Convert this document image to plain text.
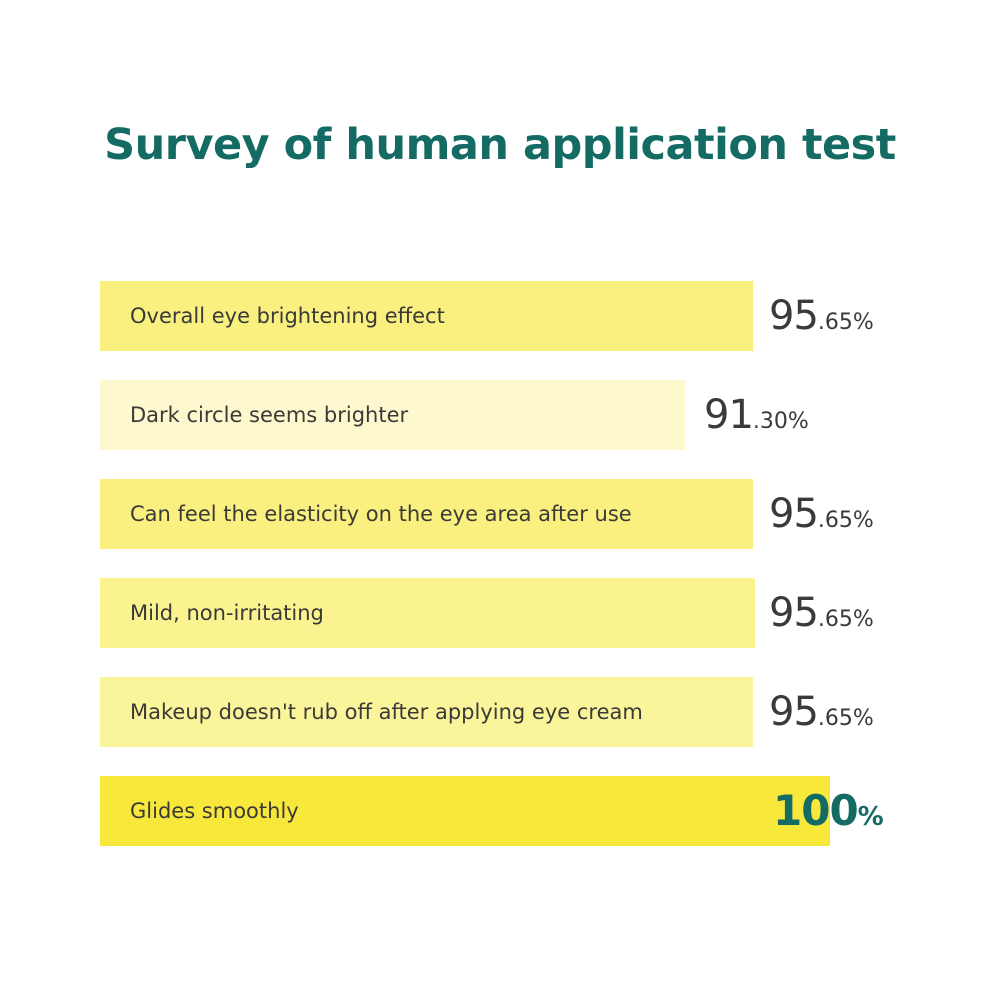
Survey of human application test
Overall eye brightening effect	95.65%
Dark circle seems brighter	91.30%
Can feel the elasticity on the eye area after use	95.65%
Mild, non-irritating	95.65%
Makeup doesn't rub off after applying eye cream	95.65%
Glides smoothly	100%
